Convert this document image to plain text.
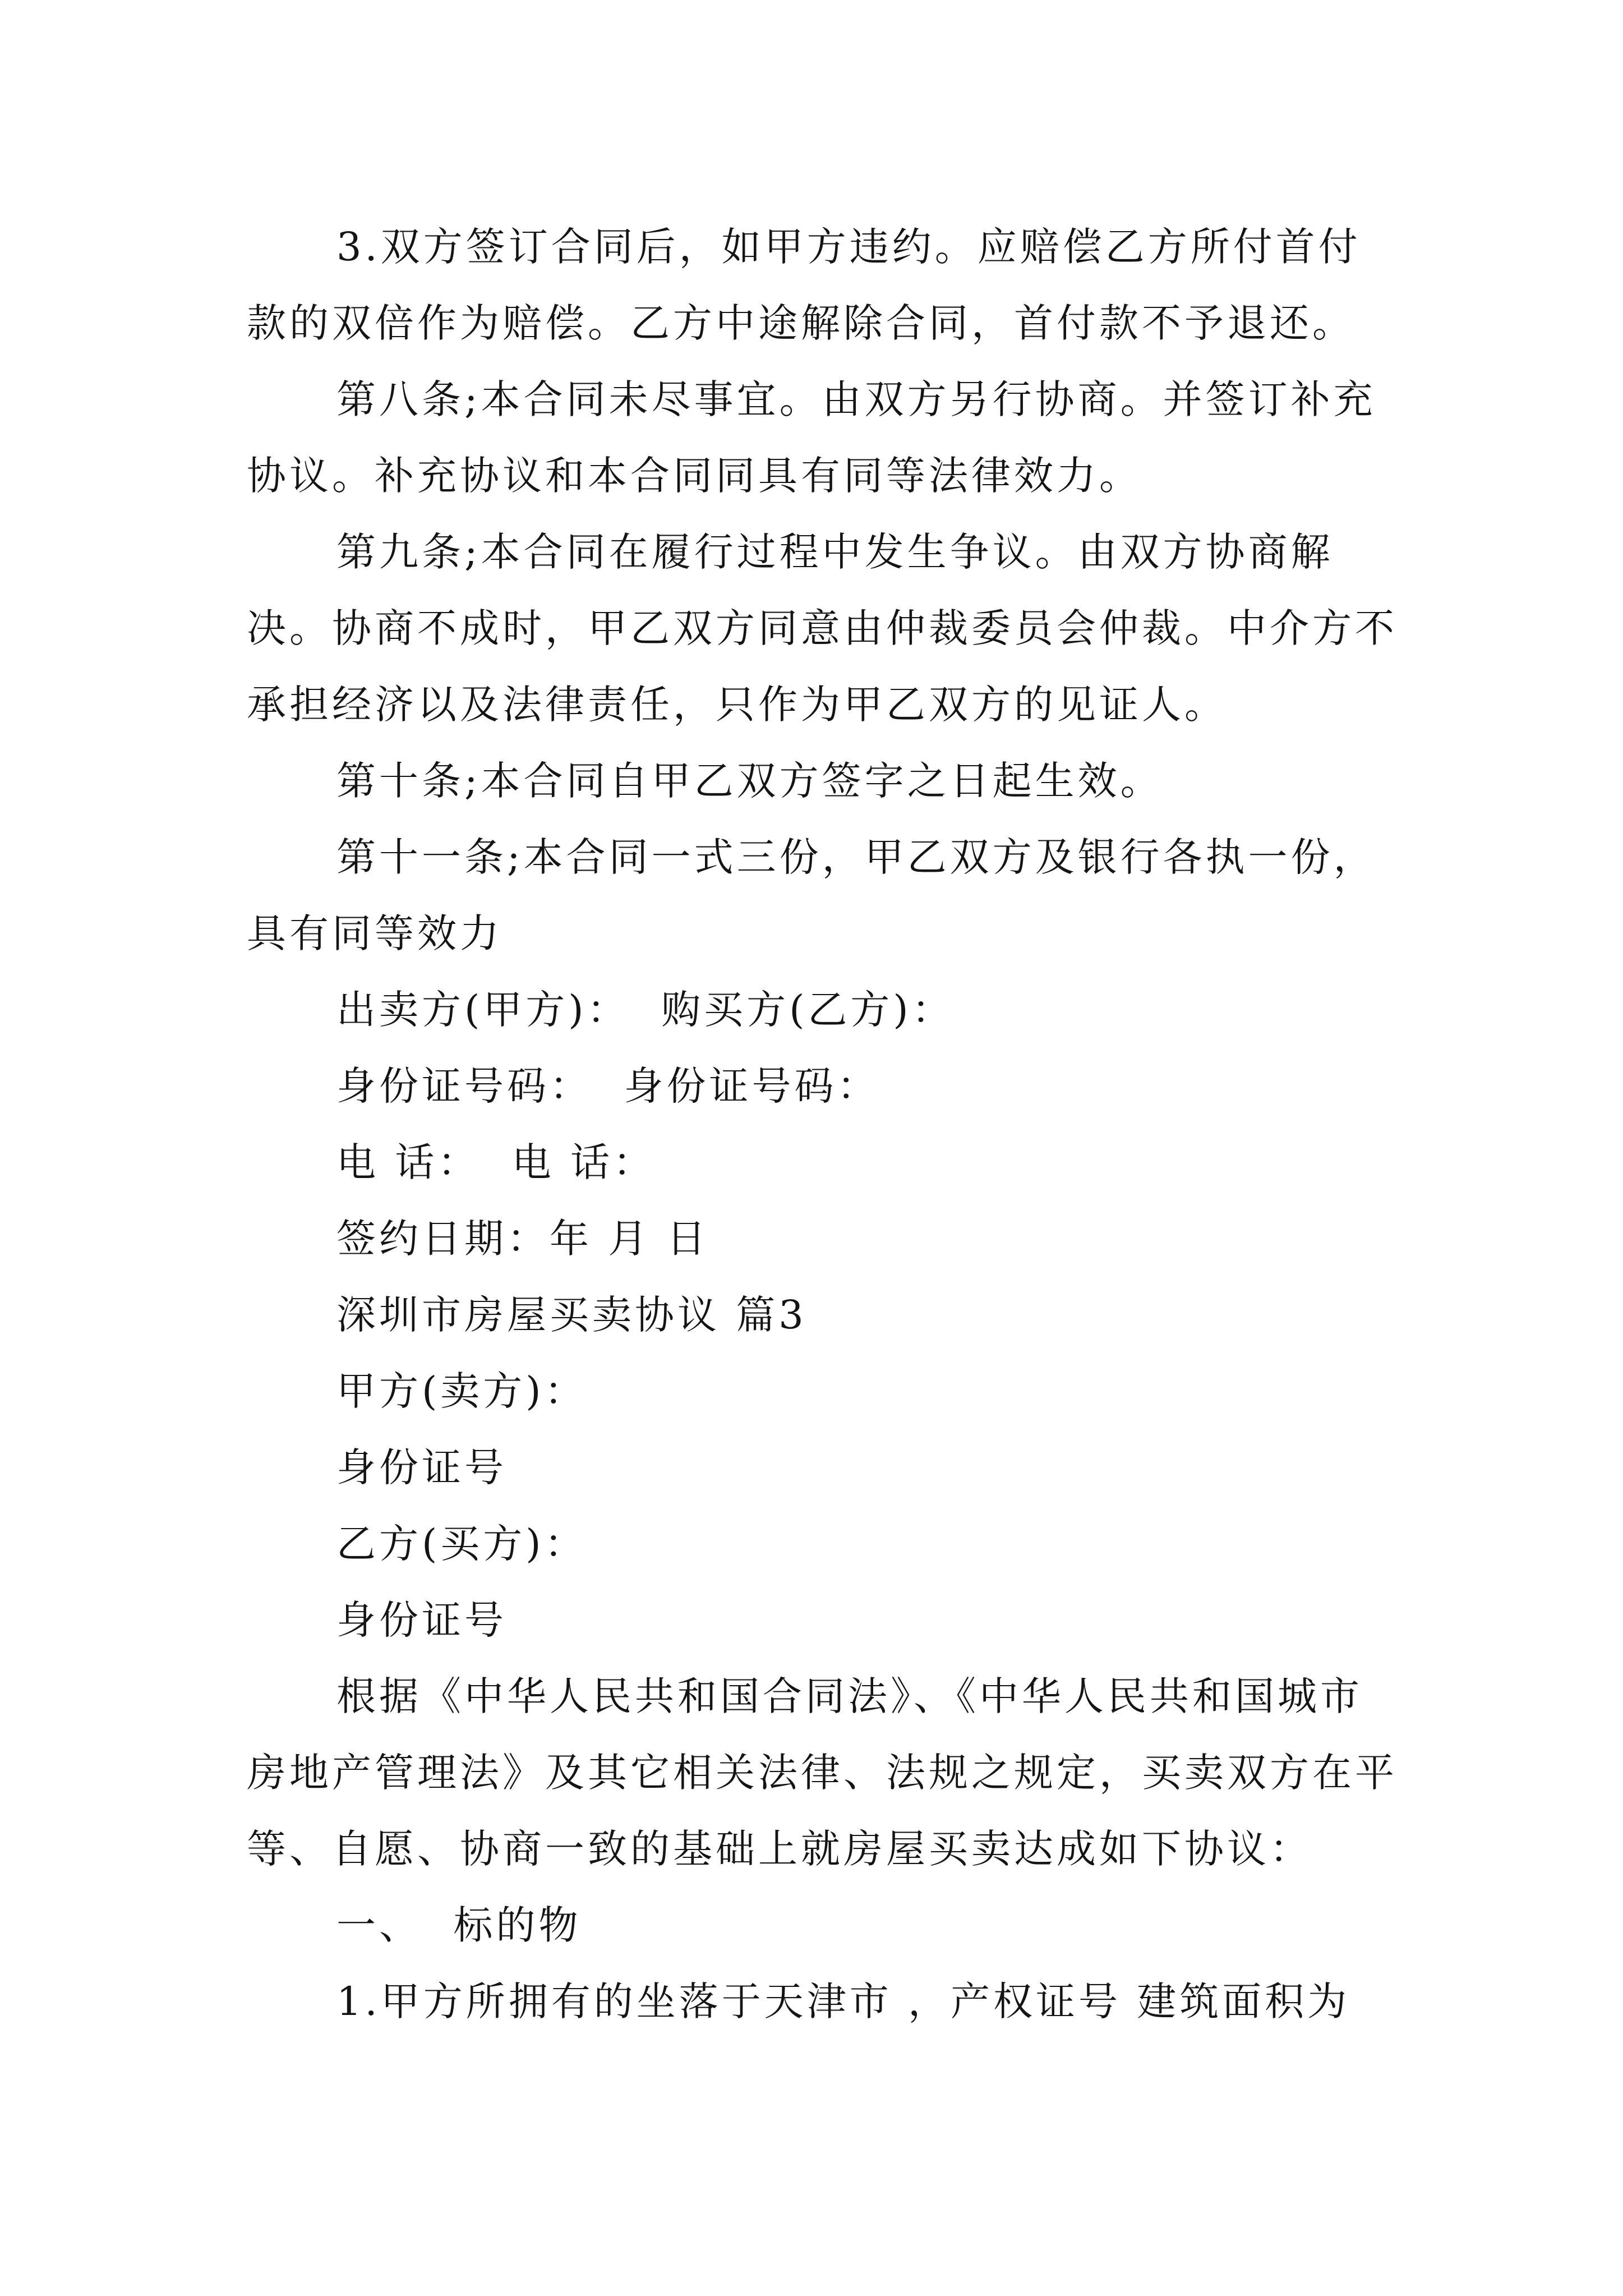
3.双方签订合同后，如甲方违约。应赔偿乙方所付首付款的双倍作为赔偿。乙方中途解除合同，首付款不予退还。

第八条;本合同未尽事宜。由双方另行协商。并签订补充协议。补充协议和本合同同具有同等法律效力。

第九条;本合同在履行过程中发生争议。由双方协商解决。协商不成时，甲乙双方同意由仲裁委员会仲裁。中介方不承担经济以及法律责任，只作为甲乙双方的见证人。

第十条;本合同自甲乙双方签字之日起生效。

第十一条;本合同一式三份，甲乙双方及银行各执一份，具有同等效力

出卖方(甲方)：  购买方(乙方)：

身份证号码：  身份证号码：

电 话：  电 话：

签约日期：年 月 日

深圳市房屋买卖协议 篇3

甲方(卖方)：

身份证号

乙方(买方)：

身份证号

根据《中华人民共和国合同法》、《中华人民共和国城市房地产管理法》及其它相关法律、法规之规定，买卖双方在平等、自愿、协商一致的基础上就房屋买卖达成如下协议：

一、  标的物

1.甲方所拥有的坐落于天津市 ，产权证号 建筑面积为
